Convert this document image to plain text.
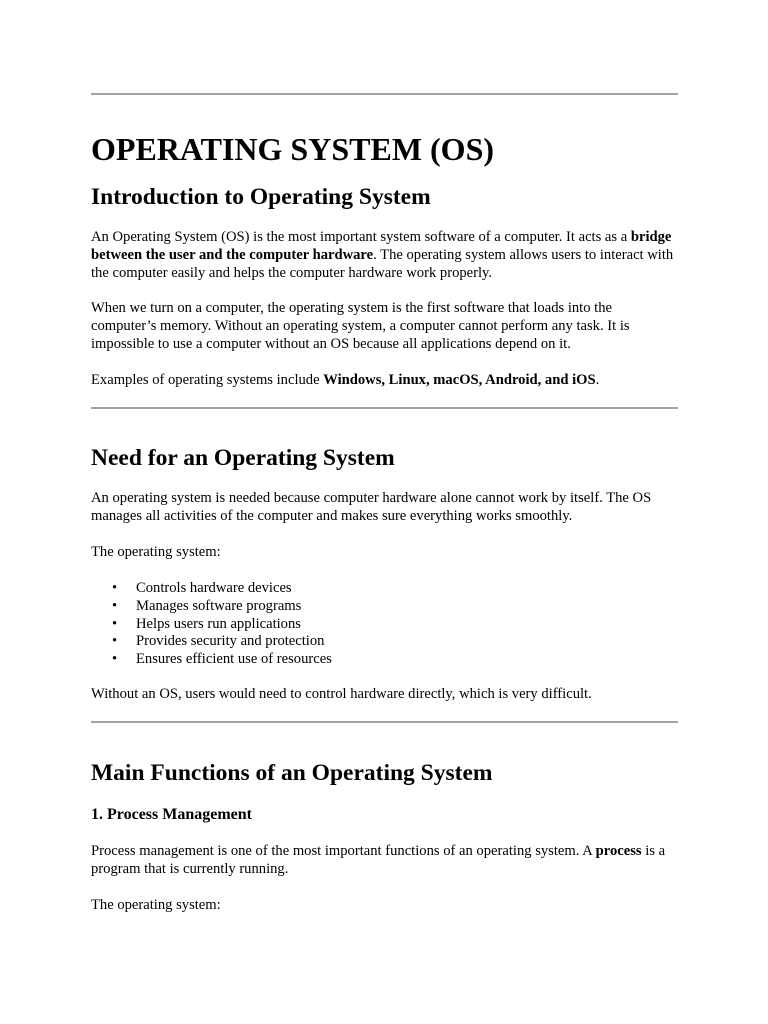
OPERATING SYSTEM (OS)
Introduction to Operating System

An Operating System (OS) is the most important system software of a computer. It acts as a bridge between the user and the computer hardware. The operating system allows users to interact with the computer easily and helps the computer hardware work properly.

When we turn on a computer, the operating system is the first software that loads into the computer’s memory. Without an operating system, a computer cannot perform any task. It is impossible to use a computer without an OS because all applications depend on it.

Examples of operating systems include Windows, Linux, macOS, Android, and iOS.

Need for an Operating System

An operating system is needed because computer hardware alone cannot work by itself. The OS manages all activities of the computer and makes sure everything works smoothly.

The operating system:

• Controls hardware devices
• Manages software programs
• Helps users run applications
• Provides security and protection
• Ensures efficient use of resources

Without an OS, users would need to control hardware directly, which is very difficult.

Main Functions of an Operating System
1. Process Management

Process management is one of the most important functions of an operating system. A process is a program that is currently running.

The operating system:
